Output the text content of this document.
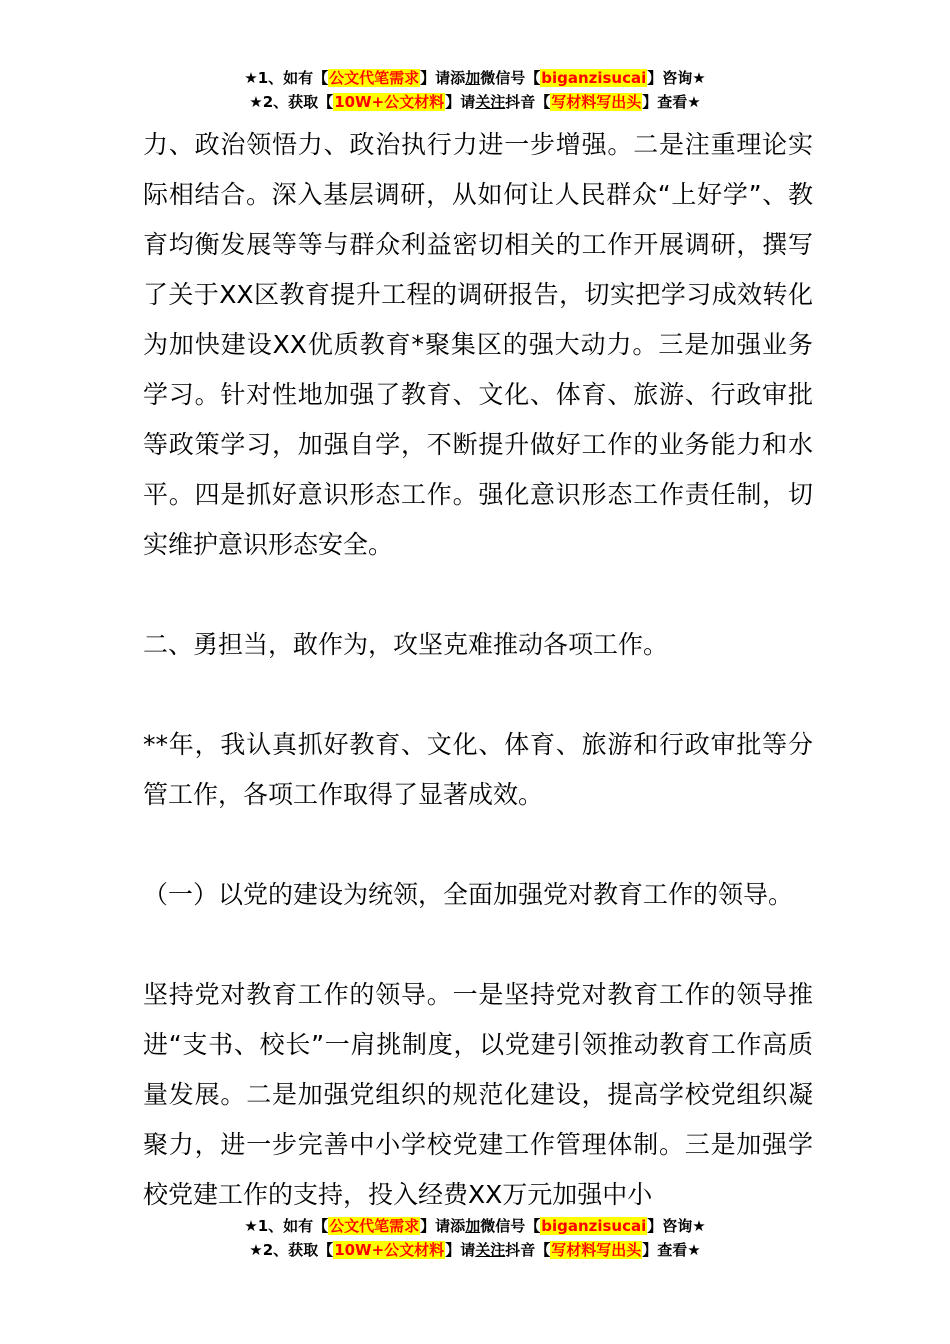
★1、如有【公文代笔需求】请添加微信号【biganzisucai】咨询★
★2、获取【10W+公文材料】请关注抖音【写材料写出头】查看★

力、政治领悟力、政治执行力进一步增强。二是注重理论实际相结合。深入基层调研，从如何让人民群众“上好学”、教育均衡发展等等与群众利益密切相关的工作开展调研，撰写了关于XX区教育提升工程的调研报告，切实把学习成效转化为加快建设XX优质教育*聚集区的强大动力。三是加强业务学习。针对性地加强了教育、文化、体育、旅游、行政审批等政策学习，加强自学，不断提升做好工作的业务能力和水平。四是抓好意识形态工作。强化意识形态工作责任制，切实维护意识形态安全。

二、勇担当，敢作为，攻坚克难推动各项工作。

**年，我认真抓好教育、文化、体育、旅游和行政审批等分管工作，各项工作取得了显著成效。

（一）以党的建设为统领，全面加强党对教育工作的领导。

坚持党对教育工作的领导。一是坚持党对教育工作的领导推进“支书、校长”一肩挑制度，以党建引领推动教育工作高质量发展。二是加强党组织的规范化建设，提高学校党组织凝聚力，进一步完善中小学校党建工作管理体制。三是加强学校党建工作的支持，投入经费XX万元加强中小

★1、如有【公文代笔需求】请添加微信号【biganzisucai】咨询★
★2、获取【10W+公文材料】请关注抖音【写材料写出头】查看★
